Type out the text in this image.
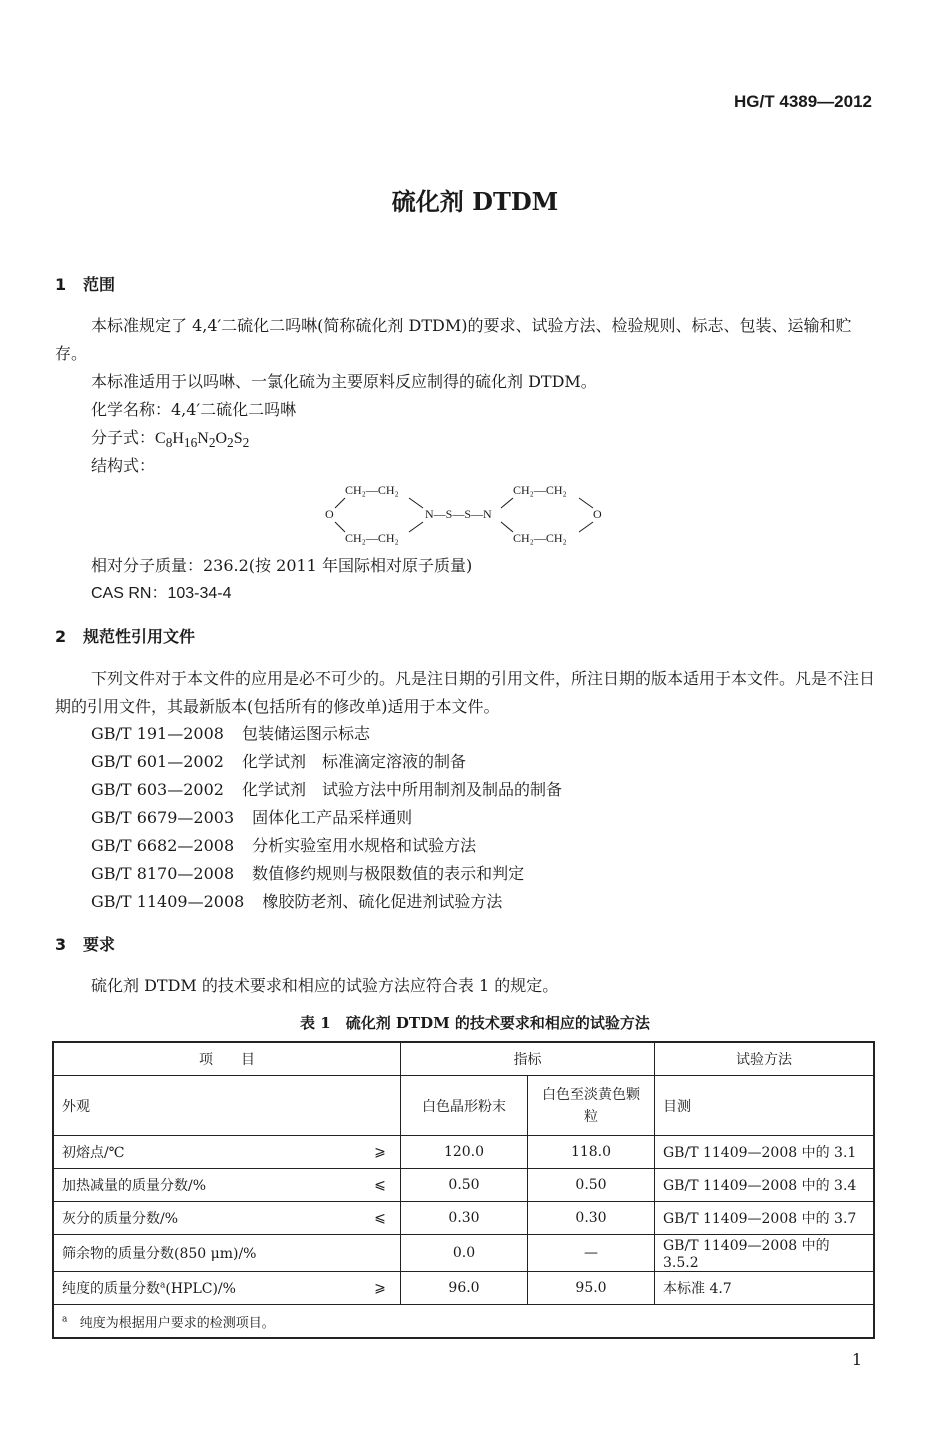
HG/T 4389—2012
硫化剂 DTDM
1 范围
本标准规定了 4,4′二硫化二吗啉(简称硫化剂 DTDM)的要求、试验方法、检验规则、标志、包装、运输和贮存。
本标准适用于以吗啉、一氯化硫为主要原料反应制得的硫化剂 DTDM。
化学名称：4,4′二硫化二吗啉
分子式：$C_8H_{16}N_2O_2S_2$
结构式：
CH₂—CH₂
CH₂—CH₂
O	N—S—S—N
CH₂—CH₂
CH₂—CH₂
O
相对分子质量：236.2(按 2011 年国际相对原子质量)
CAS RN：103-34-4
2 规范性引用文件
下列文件对于本文件的应用是必不可少的。凡是注日期的引用文件，所注日期的版本适用于本文件。凡是不注日期的引用文件，其最新版本(包括所有的修改单)适用于本文件。
GB/T 191—2008 包装储运图示标志
GB/T 601—2002 化学试剂　标准滴定溶液的制备
GB/T 603—2002 化学试剂　试验方法中所用制剂及制品的制备
GB/T 6679—2003 固体化工产品采样通则
GB/T 6682—2008 分析实验室用水规格和试验方法
GB/T 8170—2008 数值修约规则与极限数值的表示和判定
GB/T 11409—2008 橡胶防老剂、硫化促进剂试验方法
3 要求
硫化剂 DTDM 的技术要求和相应的试验方法应符合表 1 的规定。
表 1　硫化剂 DTDM 的技术要求和相应的试验方法
项　　目		指标		试验方法
外观		白色晶形粉末	白色至淡黄色颗粒	目测
初熔点/℃	⩾	120.0	118.0	GB/T 11409—2008 中的 3.1
加热减量的质量分数/%	⩽	0.50	0.50	GB/T 11409—2008 中的 3.4
灰分的质量分数/%	⩽	0.30	0.30	GB/T 11409—2008 中的 3.7
筛余物的质量分数(850 μm)/%		0.0	—	GB/T 11409—2008 中的 3.5.2
纯度的质量分数$^a$(HPLC)/%	⩾	96.0	95.0	本标准 4.7
$^a$ 纯度为根据用户要求的检测项目。				
1
